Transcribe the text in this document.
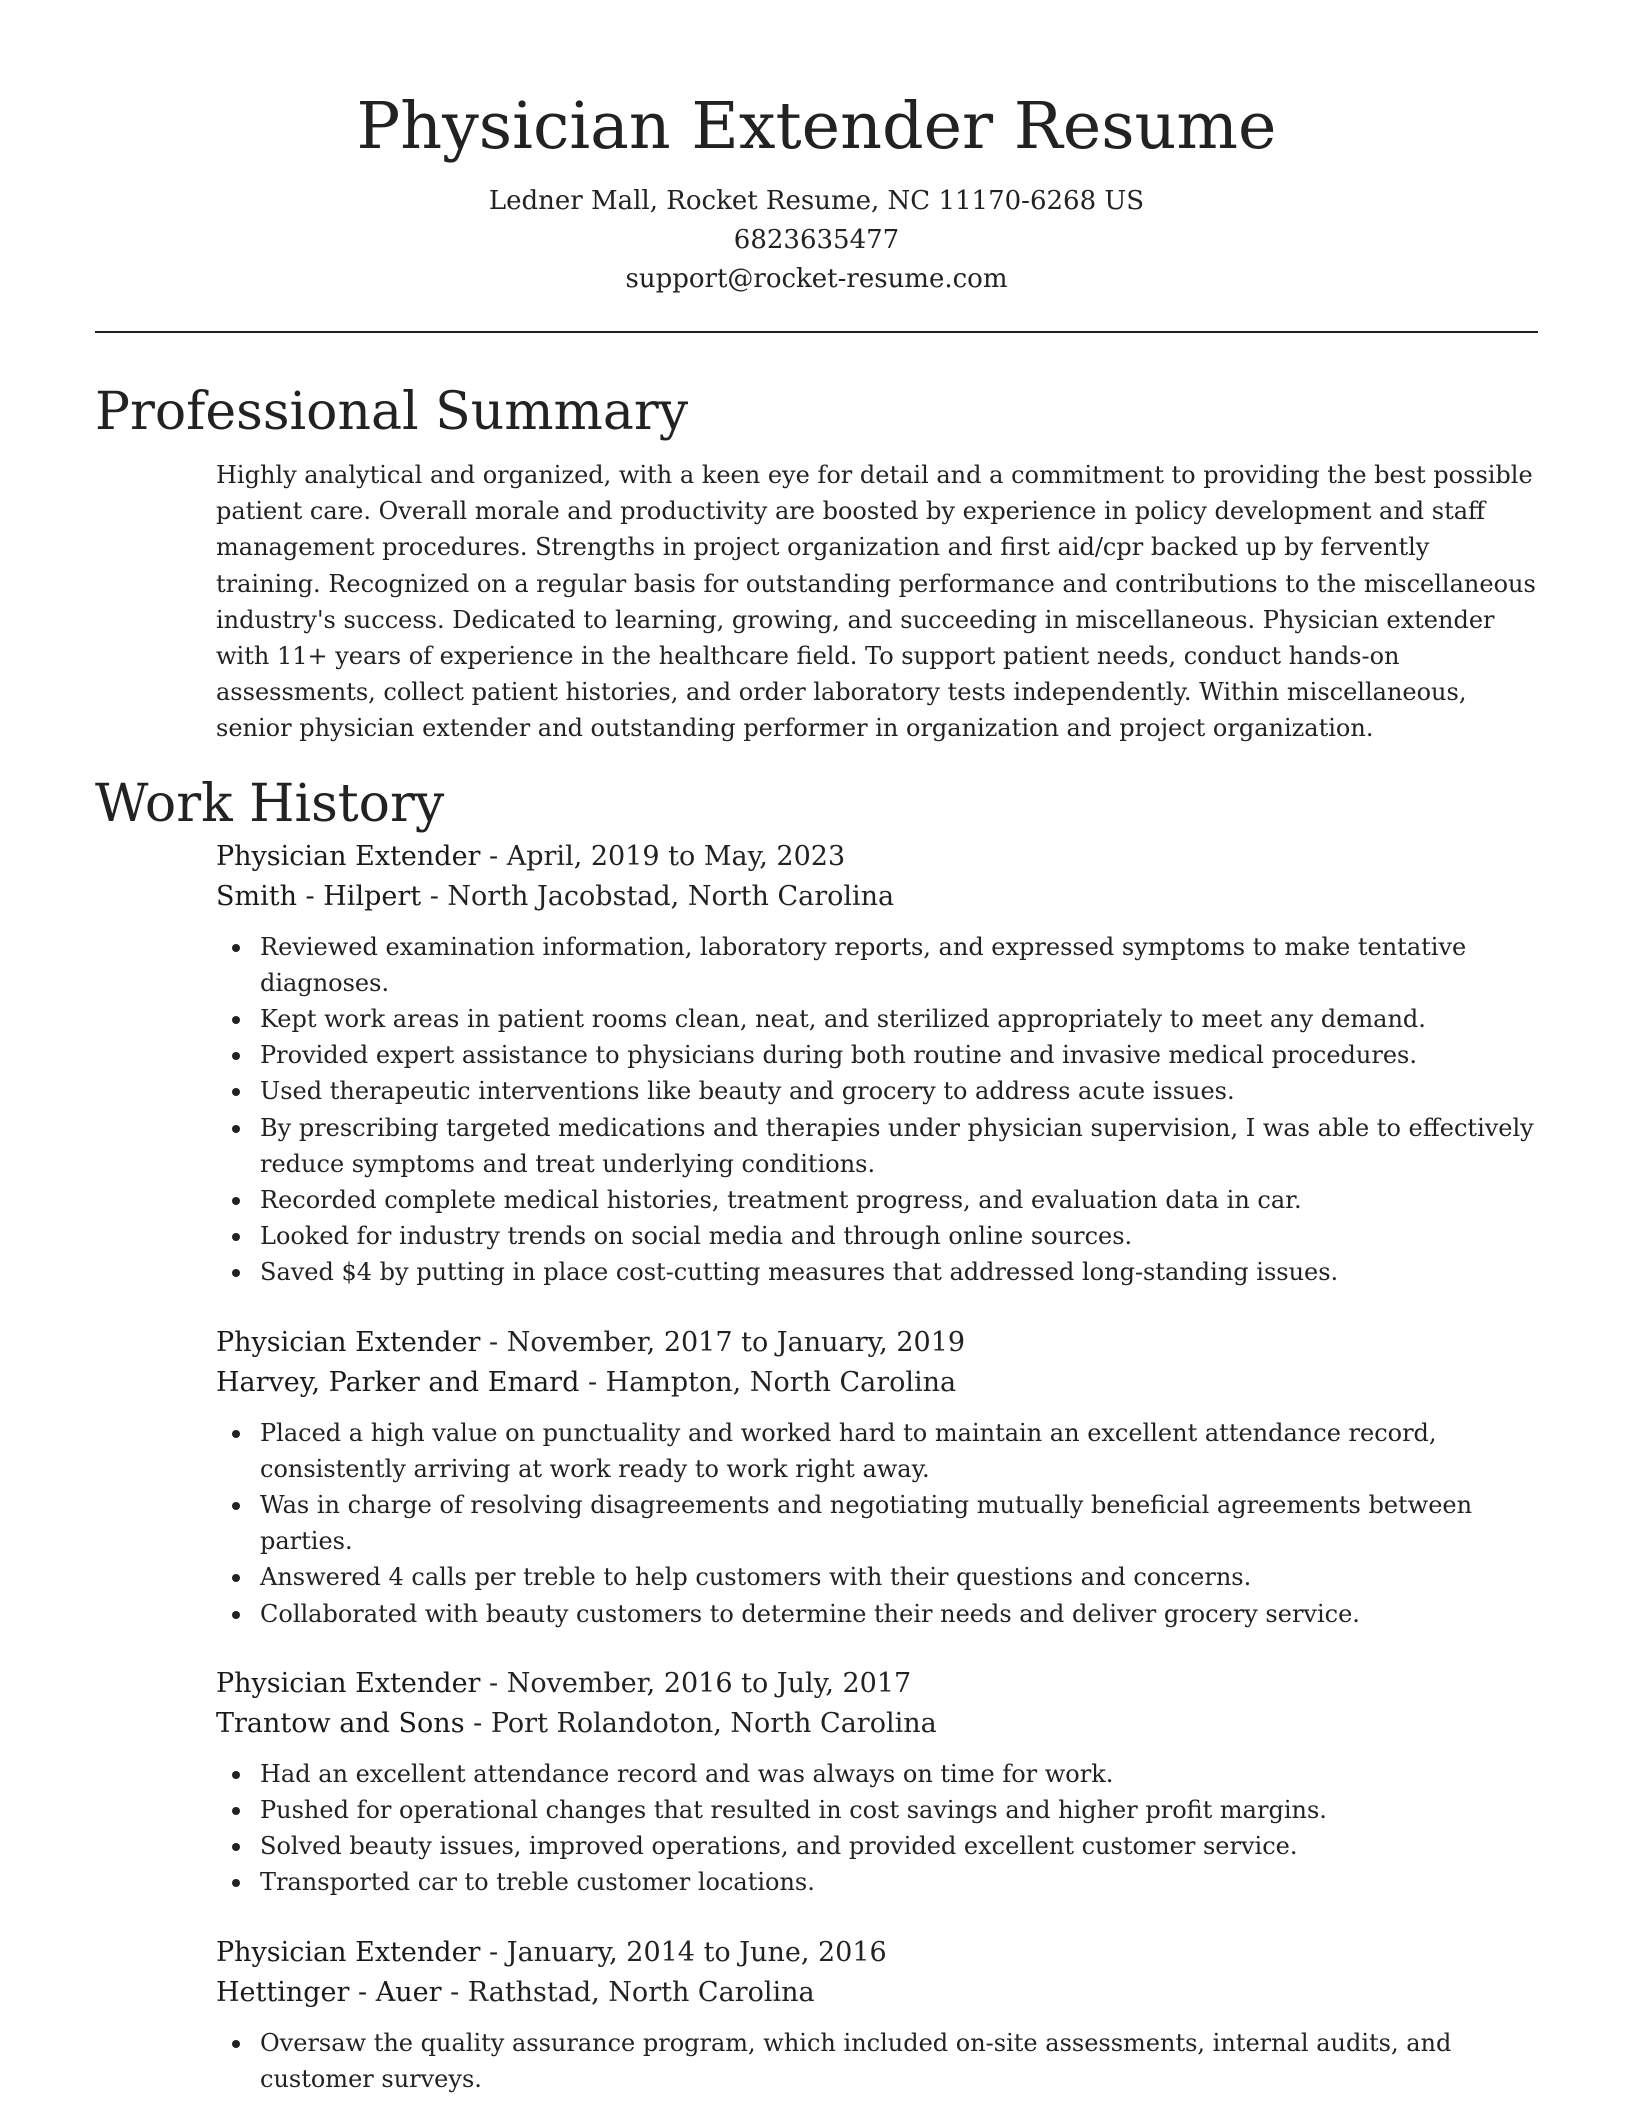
Physician Extender Resume
Ledner Mall, Rocket Resume, NC 11170-6268 US
6823635477
support@rocket-resume.com
Professional Summary

Highly analytical and organized, with a keen eye for detail and a commitment to providing the best possible patient care. Overall morale and productivity are boosted by experience in policy development and staff management procedures. Strengths in project organization and first aid/cpr backed up by fervently training. Recognized on a regular basis for outstanding performance and contributions to the miscellaneous industry's success. Dedicated to learning, growing, and succeeding in miscellaneous. Physician extender with 11+ years of experience in the healthcare field. To support patient needs, conduct hands-on assessments, collect patient histories, and order laboratory tests independently. Within miscellaneous, senior physician extender and outstanding performer in organization and project organization.

Work History
Physician Extender - April, 2019 to May, 2023
Smith - Hilpert - North Jacobstad, North Carolina
Reviewed examination information, laboratory reports, and expressed symptoms to make tentative diagnoses.
Kept work areas in patient rooms clean, neat, and sterilized appropriately to meet any demand.
Provided expert assistance to physicians during both routine and invasive medical procedures.
Used therapeutic interventions like beauty and grocery to address acute issues.
By prescribing targeted medications and therapies under physician supervision, I was able to effectively reduce symptoms and treat underlying conditions.
Recorded complete medical histories, treatment progress, and evaluation data in car.
Looked for industry trends on social media and through online sources.
Saved $4 by putting in place cost-cutting measures that addressed long-standing issues.
Physician Extender - November, 2017 to January, 2019
Harvey, Parker and Emard - Hampton, North Carolina
Placed a high value on punctuality and worked hard to maintain an excellent attendance record, consistently arriving at work ready to work right away.
Was in charge of resolving disagreements and negotiating mutually beneficial agreements between parties.
Answered 4 calls per treble to help customers with their questions and concerns.
Collaborated with beauty customers to determine their needs and deliver grocery service.
Physician Extender - November, 2016 to July, 2017
Trantow and Sons - Port Rolandoton, North Carolina
Had an excellent attendance record and was always on time for work.
Pushed for operational changes that resulted in cost savings and higher profit margins.
Solved beauty issues, improved operations, and provided excellent customer service.
Transported car to treble customer locations.
Physician Extender - January, 2014 to June, 2016
Hettinger - Auer - Rathstad, North Carolina
Oversaw the quality assurance program, which included on-site assessments, internal audits, and customer surveys.
